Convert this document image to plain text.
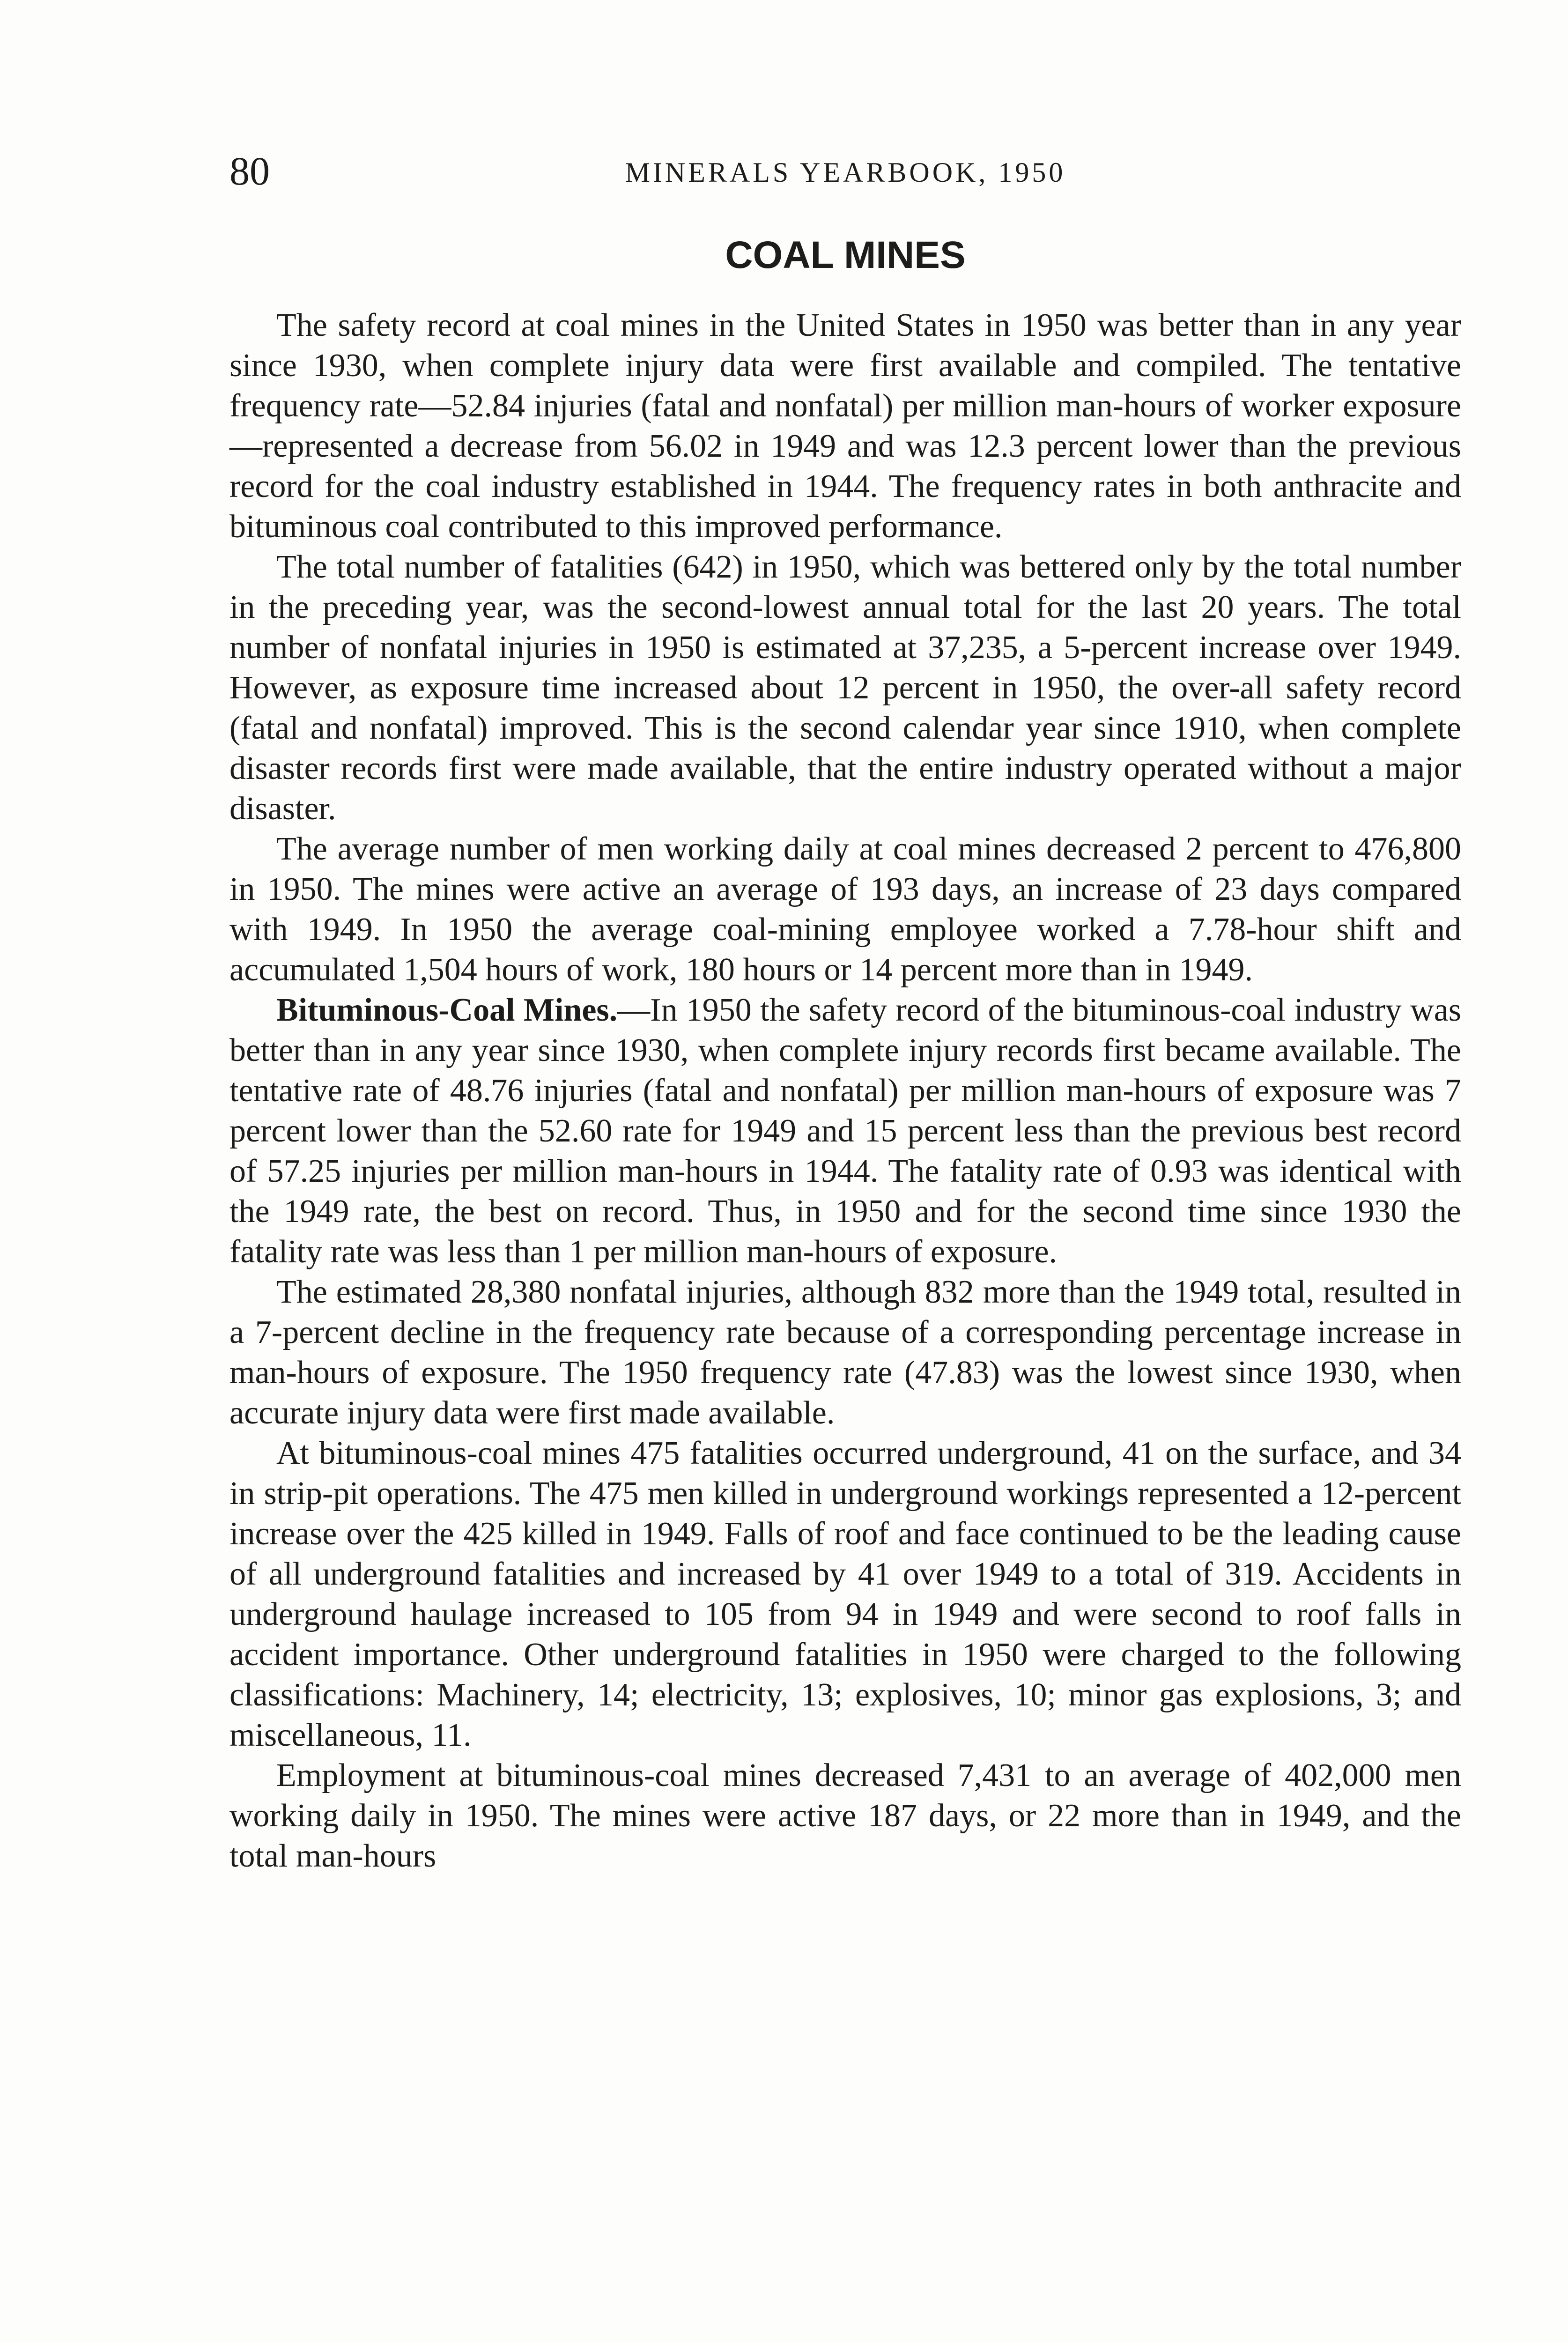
80	MINERALS YEARBOOK, 1950
COAL MINES

The safety record at coal mines in the United States in 1950 was better than in any year since 1930, when complete injury data were first available and compiled. The tentative frequency rate—52.84 injuries (fatal and nonfatal) per million man-hours of worker exposure—represented a decrease from 56.02 in 1949 and was 12.3 percent lower than the previous record for the coal industry established in 1944. The frequency rates in both anthracite and bituminous coal contributed to this improved performance.

The total number of fatalities (642) in 1950, which was bettered only by the total number in the preceding year, was the second-lowest annual total for the last 20 years. The total number of nonfatal injuries in 1950 is estimated at 37,235, a 5-percent increase over 1949. However, as exposure time increased about 12 percent in 1950, the over-all safety record (fatal and nonfatal) improved. This is the second calendar year since 1910, when complete disaster records first were made available, that the entire industry operated without a major disaster.

The average number of men working daily at coal mines decreased 2 percent to 476,800 in 1950. The mines were active an average of 193 days, an increase of 23 days compared with 1949. In 1950 the average coal-mining employee worked a 7.78-hour shift and accumulated 1,504 hours of work, 180 hours or 14 percent more than in 1949.

Bituminous-Coal Mines.—In 1950 the safety record of the bituminous-coal industry was better than in any year since 1930, when complete injury records first became available. The tentative rate of 48.76 injuries (fatal and nonfatal) per million man-hours of exposure was 7 percent lower than the 52.60 rate for 1949 and 15 percent less than the previous best record of 57.25 injuries per million man-hours in 1944. The fatality rate of 0.93 was identical with the 1949 rate, the best on record. Thus, in 1950 and for the second time since 1930 the fatality rate was less than 1 per million man-hours of exposure.

The estimated 28,380 nonfatal injuries, although 832 more than the 1949 total, resulted in a 7-percent decline in the frequency rate because of a corresponding percentage increase in man-hours of exposure. The 1950 frequency rate (47.83) was the lowest since 1930, when accurate injury data were first made available.

At bituminous-coal mines 475 fatalities occurred underground, 41 on the surface, and 34 in strip-pit operations. The 475 men killed in underground workings represented a 12-percent increase over the 425 killed in 1949. Falls of roof and face continued to be the leading cause of all underground fatalities and increased by 41 over 1949 to a total of 319. Accidents in underground haulage increased to 105 from 94 in 1949 and were second to roof falls in accident importance. Other underground fatalities in 1950 were charged to the following classifications: Machinery, 14; electricity, 13; explosives, 10; minor gas explosions, 3; and miscellaneous, 11.

Employment at bituminous-coal mines decreased 7,431 to an average of 402,000 men working daily in 1950. The mines were active 187 days, or 22 more than in 1949, and the total man-hours
